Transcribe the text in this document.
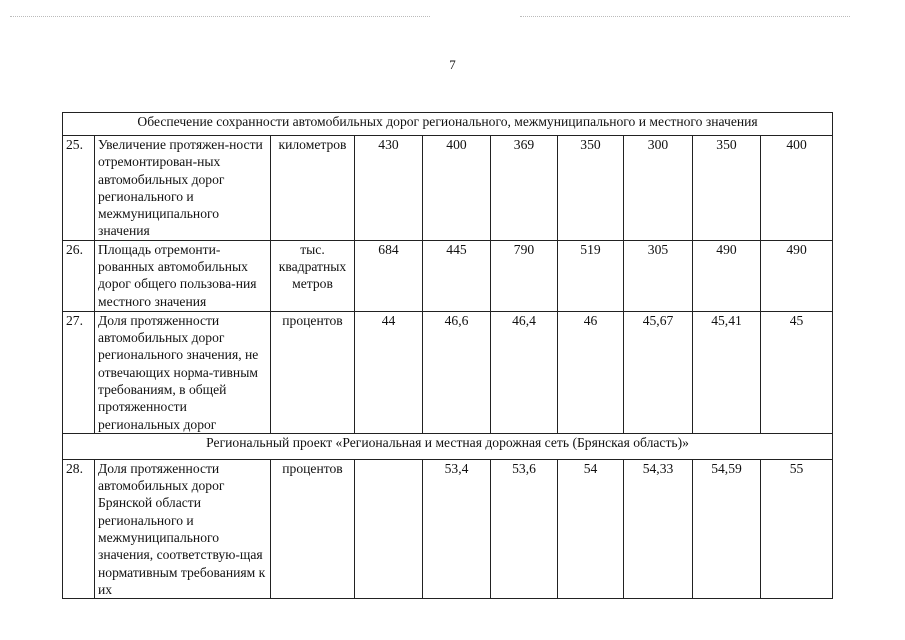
7
Обеспечение сохранности автомобильных дорог регионального, межмуниципального и местного значения									
25.	Увеличение протяжен-ности отремонтирован-ных автомобильных дорог регионального и межмуниципального значения	километров	430	400	369	350	300	350	400
26.	Площадь отремонти-рованных автомобильных дорог общего пользова-ния местного значения	тыс. квадратных метров	684	445	790	519	305	490	490
27.	Доля протяженности автомобильных дорог регионального значения, не отвечающих норма-тивным требованиям, в общей протяженности региональных дорог	процентов	44	46,6	46,4	46	45,67	45,41	45
Региональный проект «Региональная и местная дорожная сеть (Брянская область)»									
28.	Доля протяженности автомобильных дорог Брянской области регионального и межмуниципального значения, соответствую-щая нормативным требованиям к их	процентов		53,4	53,6	54	54,33	54,59	55
